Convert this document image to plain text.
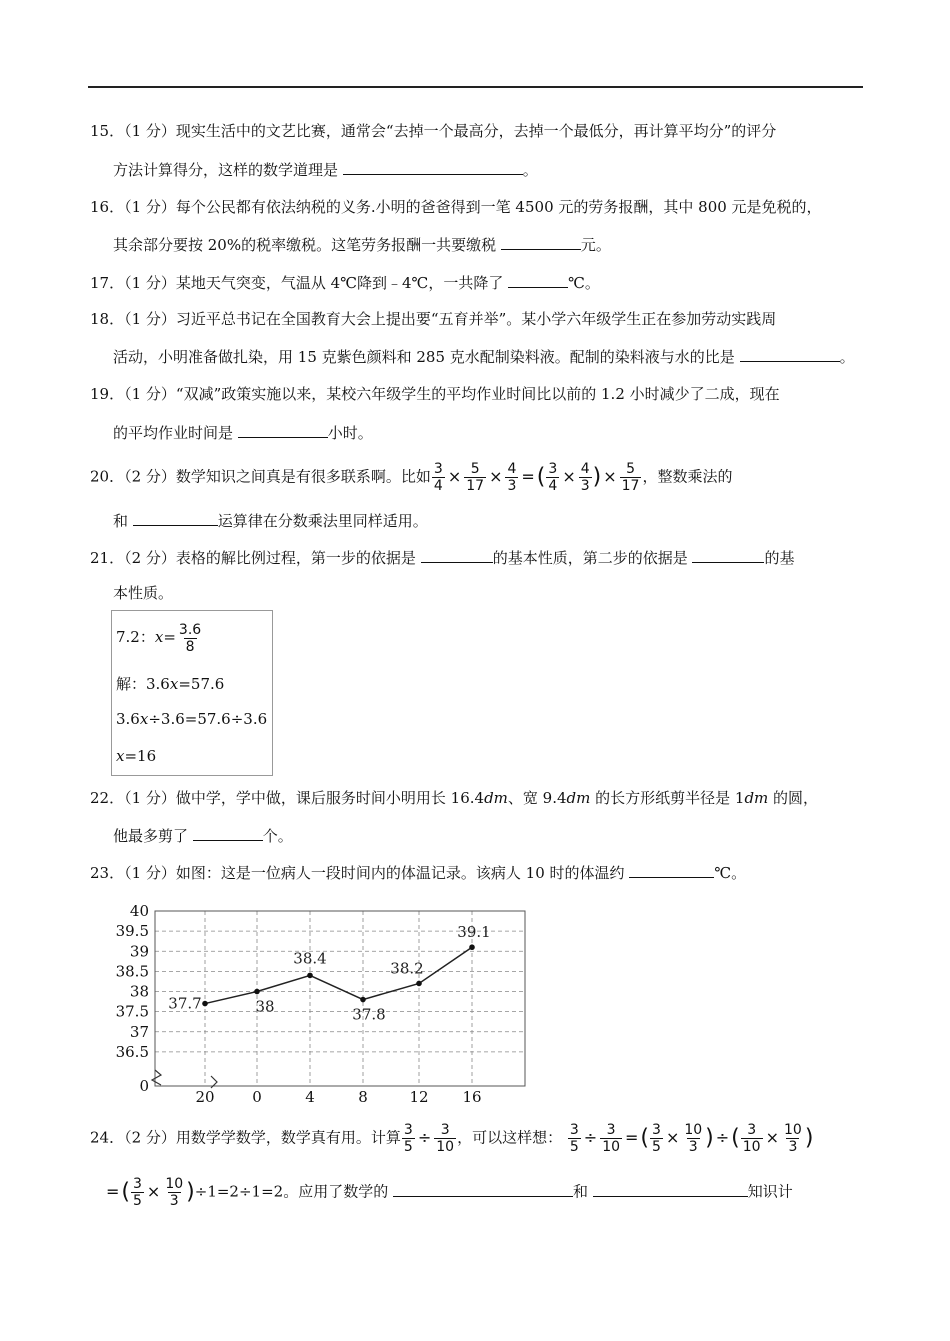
15．（1 分）现实生活中的文艺比赛，通常会“去掉一个最高分，去掉一个最低分，再计算平均分”的评分
方法计算得分，这样的数学道理是	。
16．（1 分）每个公民都有依法纳税的义务.小明的爸爸得到一笔 4500 元的劳务报酬，其中 800 元是免税的，
其余部分要按 20%的税率缴税。这笔劳务报酬一共要缴税	元。
17．（1 分）某地天气突变，气温从 4℃降到﹣4℃，一共降了	℃。
18．（1 分）习近平总书记在全国教育大会上提出要“五育并举”。某小学六年级学生正在参加劳动实践周
活动，小明准备做扎染，用 15 克紫色颜料和 285 克水配制染料液。配制的染料液与水的比是	。
19．（1 分）“双减”政策实施以来，某校六年级学生的平均作业时间比以前的 1.2 小时减少了二成，现在
的平均作业时间是	小时。
20．（2 分）数学知识之间真是有很多联系啊。比如 $\frac{3}{4} \times \frac{5}{17} \times \frac{4}{3}$ =( $\frac{3}{4} \times \frac{4}{3}$ ) × $\frac{5}{17}$ ，整数乘法的
和	运算律在分数乘法里同样适用。
21．（2 分）表格的解比例过程，第一步的依据是	的基本性质，第二步的依据是	的基
本性质。
7.2：$x= \frac{3.6}{8}$
解：3.6x=57.6
3.6x÷3.6=57.6÷3.6
x=16
22．（1 分）做中学，学中做，课后服务时间小明用长 16.4dm、宽 9.4dm 的长方形纸剪半径是 1dm 的圆，
他最多剪了	个。
23．（1 分）如图：这是一位病人一段时间内的体温记录。该病人 10 时的体温约	℃。
0
36.5
37
37.5
38
38.5
39
39.5
40
20	0	4	8	12 16
37.7	38
38.4
37.8
38.2
39.1
24．（2 分）用数学学数学，数学真有用。计算 $\frac{3}{5} \div \frac{3}{10}$ ，可以这样想： $\frac{3}{5} \div \frac{3}{10}$ =( $\frac{3}{5} \times \frac{10}{3}$ ) ÷( $\frac{3}{10} \times \frac{10}{3}$ )
=( $\frac{3}{5} \times \frac{10}{3} )\div 1=2\div 1=2$。应用了数学的	和	知识计
